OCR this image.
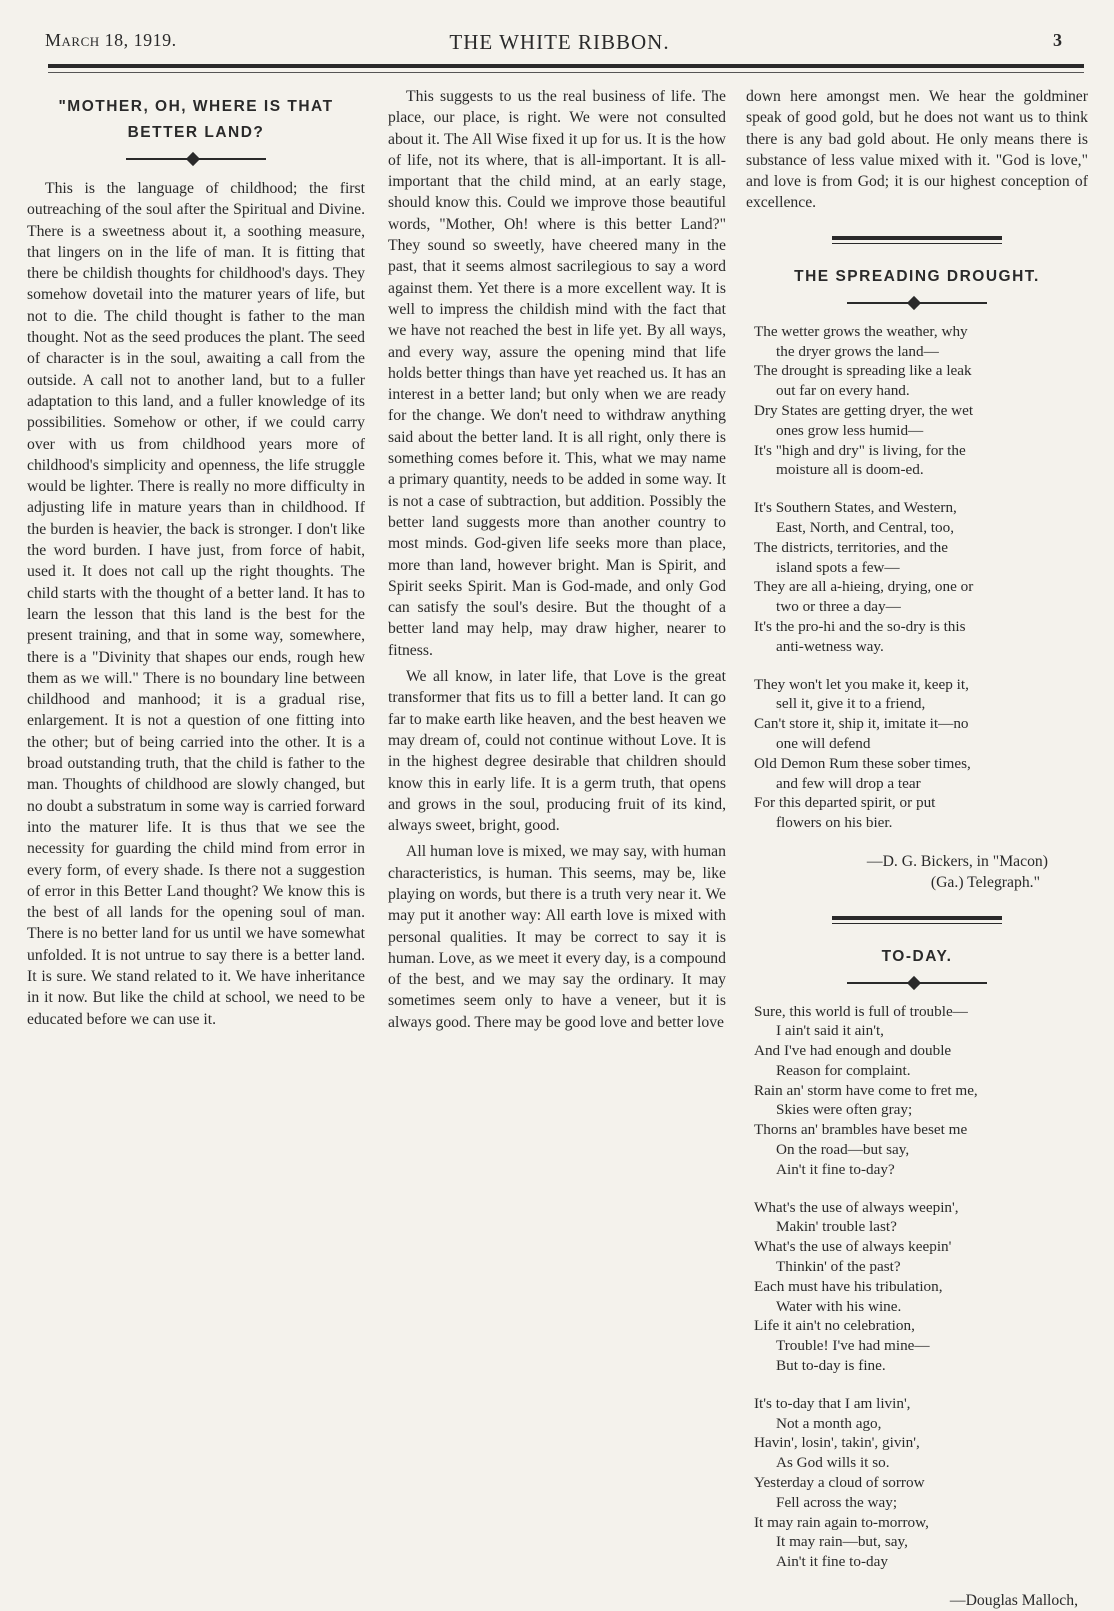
March 18, 1919.	THE WHITE RIBBON.	3
"MOTHER, OH, WHERE IS THAT BETTER LAND?

This is the language of childhood; the first outreaching of the soul after the Spiritual and Divine. There is a sweetness about it, a soothing measure, that lingers on in the life of man. It is fitting that there be childish thoughts for childhood's days. They somehow dovetail into the maturer years of life, but not to die. The child thought is father to the man thought. Not as the seed produces the plant. The seed of character is in the soul, awaiting a call from the outside. A call not to another land, but to a fuller adaptation to this land, and a fuller knowledge of its possibilities. Somehow or other, if we could carry over with us from childhood years more of childhood's simplicity and openness, the life struggle would be lighter. There is really no more difficulty in adjusting life in mature years than in childhood. If the burden is heavier, the back is stronger. I don't like the word burden. I have just, from force of habit, used it. It does not call up the right thoughts. The child starts with the thought of a better land. It has to learn the lesson that this land is the best for the present training, and that in some way, somewhere, there is a "Divinity that shapes our ends, rough hew them as we will." There is no boundary line between childhood and manhood; it is a gradual rise, enlargement. It is not a question of one fitting into the other; but of being carried into the other. It is a broad outstanding truth, that the child is father to the man. Thoughts of childhood are slowly changed, but no doubt a substratum in some way is carried forward into the maturer life. It is thus that we see the necessity for guarding the child mind from error in every form, of every shade. Is there not a suggestion of error in this Better Land thought? We know this is the best of all lands for the opening soul of man. There is no better land for us until we have somewhat unfolded. It is not untrue to say there is a better land. It is sure. We stand related to it. We have inheritance in it now. But like the child at school, we need to be educated before we can use it.

This suggests to us the real business of life. The place, our place, is right. We were not consulted about it. The All Wise fixed it up for us. It is the how of life, not its where, that is all-important. It is all-important that the child mind, at an early stage, should know this. Could we improve those beautiful words, "Mother, Oh! where is this better Land?" They sound so sweetly, have cheered many in the past, that it seems almost sacrilegious to say a word against them. Yet there is a more excellent way. It is well to impress the childish mind with the fact that we have not reached the best in life yet. By all ways, and every way, assure the opening mind that life holds better things than have yet reached us. It has an interest in a better land; but only when we are ready for the change. We don't need to withdraw anything said about the better land. It is all right, only there is something comes before it. This, what we may name a primary quantity, needs to be added in some way. It is not a case of subtraction, but addition. Possibly the better land suggests more than another country to most minds. God-given life seeks more than place, more than land, however bright. Man is Spirit, and Spirit seeks Spirit. Man is God-made, and only God can satisfy the soul's desire. But the thought of a better land may help, may draw higher, nearer to fitness.

We all know, in later life, that Love is the great transformer that fits us to fill a better land. It can go far to make earth like heaven, and the best heaven we may dream of, could not continue without Love. It is in the highest degree desirable that children should know this in early life. It is a germ truth, that opens and grows in the soul, producing fruit of its kind, always sweet, bright, good.

All human love is mixed, we may say, with human characteristics, is human. This seems, may be, like playing on words, but there is a truth very near it. We may put it another way: All earth love is mixed with personal qualities. It may be correct to say it is human. Love, as we meet it every day, is a compound of the best, and we may say the ordinary. It may sometimes seem only to have a veneer, but it is always good. There may be good love and better love

down here amongst men. We hear the goldminer speak of good gold, but he does not want us to think there is any bad gold about. He only means there is substance of less value mixed with it. "God is love," and love is from God; it is our highest conception of excellence.

THE SPREADING DROUGHT.
The wetter grows the weather, why
the dryer grows the land—
The drought is spreading like a leak
out far on every hand.
Dry States are getting dryer, the wet
ones grow less humid—
It's "high and dry" is living, for the
moisture all is doom-ed.
It's Southern States, and Western,
East, North, and Central, too,
The districts, territories, and the
island spots a few—
They are all a-hieing, drying, one or
two or three a day—
It's the pro-hi and the so-dry is this
anti-wetness way.
They won't let you make it, keep it,
sell it, give it to a friend,
Can't store it, ship it, imitate it—no
one will defend
Old Demon Rum these sober times,
and few will drop a tear
For this departed spirit, or put
flowers on his bier.
—D. G. Bickers, in "Macon)
(Ga.) Telegraph."
TO-DAY.
Sure, this world is full of trouble—
I ain't said it ain't,
And I've had enough and double
Reason for complaint.
Rain an' storm have come to fret me,
Skies were often gray;
Thorns an' brambles have beset me
On the road—but say,
Ain't it fine to-day?
What's the use of always weepin',
Makin' trouble last?
What's the use of always keepin'
Thinkin' of the past?
Each must have his tribulation,
Water with his wine.
Life it ain't no celebration,
Trouble! I've had mine—
But to-day is fine.
It's to-day that I am livin',
Not a month ago,
Havin', losin', takin', givin',
As God wills it so.
Yesterday a cloud of sorrow
Fell across the way;
It may rain again to-morrow,
It may rain—but, say,
Ain't it fine to-day
—Douglas Malloch,
